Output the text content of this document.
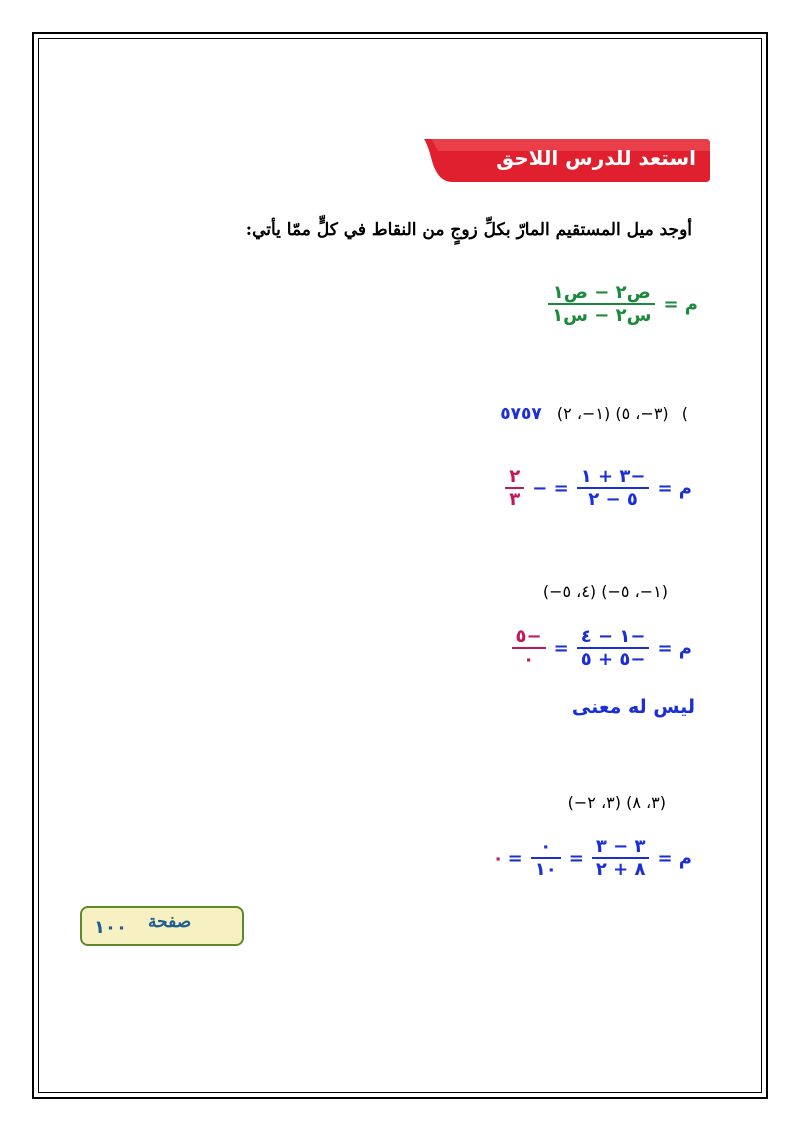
استعد للدرس اللاحق
أوجد ميل المستقيم المارّ بكلِّ زوجٍ من النقاط في كلٍّ ممّا يأتي:
م =
$\frac{\text{ص٢ − ص١}}{\text{س٢ − س١}}$
) (٣−، ٥) (١−، ٢) ٥٧٥٧
م =
$\frac{-٣ + ١}{٥ - ٢}$
= −
$\frac{٢}{٣}$
(١−، ٥−) (٤، ٥−)
م =
$\frac{-١ - ٤}{-٥ + ٥}$
=
$\frac{-٥}{٠}$
ليس له معنى
(٣، ٨) (٣، ٢−)
م =
$\frac{٣ - ٣}{٨ + ٢}$
=
$\frac{٠}{١٠}$
=
٠
صفحة
١٠٠
